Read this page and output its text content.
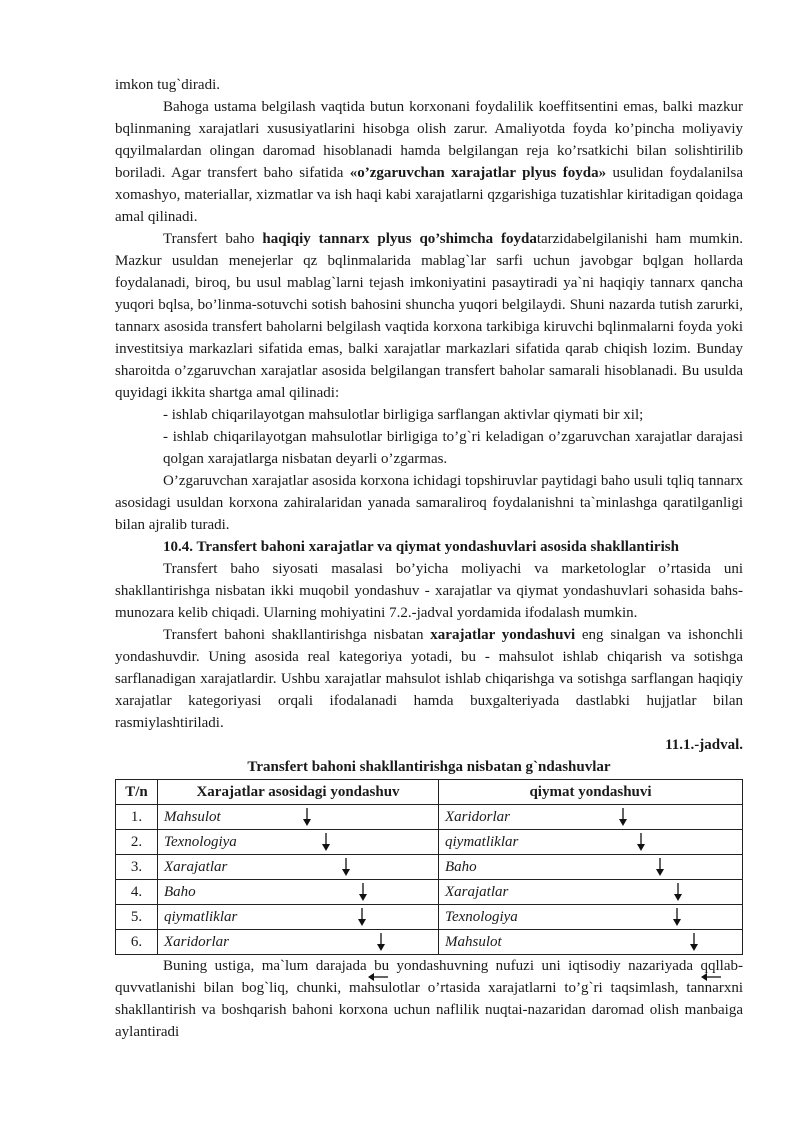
imkon tug`diradi.

Bahoga ustama belgilash vaqtida butun korxonani foydalilik koeffitsentini emas, balki mazkur bqlinmaning xarajatlari xususiyatlarini hisobga olish zarur. Amaliyotda foyda ko’pincha moliyaviy qqyilmalardan olingan daromad hisoblanadi hamda belgilangan reja ko’rsatkichi bilan solishtirilib boriladi. Agar transfert baho sifatida «o’zgaruvchan xarajatlar plyus foyda» usulidan foydalanilsa xomashyo, materiallar, xizmatlar va ish haqi kabi xarajatlarni qzgarishiga tuzatishlar kiritadigan qoidaga amal qilinadi.

Transfert baho haqiqiy tannarx plyus qo’shimcha foydatarzidabelgilanishi ham mumkin. Mazkur usuldan menejerlar qz bqlinmalarida mablag`lar sarfi uchun javobgar bqlgan hollarda foydalanadi, biroq, bu usul mablag`larni tejash imkoniyatini pasaytiradi ya`ni haqiqiy tannarx qancha yuqori bqlsa, bo’linma-sotuvchi sotish bahosini shuncha yuqori belgilaydi. Shuni nazarda tutish zarurki, tannarx asosida transfert baholarni belgilash vaqtida korxona tarkibiga kiruvchi bqlinmalarni foyda yoki investitsiya markazlari sifatida emas, balki xarajatlar markazlari sifatida qarab chiqish lozim. Bunday sharoitda o’zgaruvchan xarajatlar asosida belgilangan transfert baholar samarali hisoblanadi. Bu usulda quyidagi ikkita shartga amal qilinadi:

- ishlab chiqarilayotgan mahsulotlar birligiga sarflangan aktivlar qiymati bir xil;

- ishlab chiqarilayotgan mahsulotlar birligiga to’g`ri keladigan o’zgaruvchan xarajatlar darajasi qolgan xarajatlarga nisbatan deyarli o’zgarmas.

O’zgaruvchan xarajatlar asosida korxona ichidagi topshiruvlar paytidagi baho usuli tqliq tannarx asosidagi usuldan korxona zahiralaridan yanada samaraliroq foydalanishni ta`minlashga qaratilganligi bilan ajralib turadi.

10.4. Transfert bahoni xarajatlar va qiymat yondashuvlari asosida shakllantirish

Transfert baho siyosati masalasi bo’yicha moliyachi va marketologlar o’rtasida uni shakllantirishga nisbatan ikki muqobil yondashuv - xarajatlar va qiymat yondashuvlari sohasida bahs-munozara kelib chiqadi. Ularning mohiyatini 7.2.-jadval yordamida ifodalash mumkin.

Transfert bahoni shakllantirishga nisbatan xarajatlar yondashuvi eng sinalgan va ishonchli yondashuvdir. Uning asosida real kategoriya yotadi, bu - mahsulot ishlab chiqarish va sotishga sarflanadigan xarajatlardir. Ushbu xarajatlar mahsulot ishlab chiqarishga va sotishga sarflangan haqiqiy xarajatlar kategoriyasi orqali ifodalanadi hamda buxgalteriyada dastlabki hujjatlar bilan rasmiylashtiriladi.

11.1.-jadval.

Transfert bahoni shakllantirishga nisbatan g`ndashuvlar

T/n	Xarajatlar asosidagi yondashuv	qiymat yondashuvi
1.	Mahsulot	Xaridorlar

2.	Texnologiya	qiymatliklar

3.	Xarajatlar	Baho

4.	Baho	Xarajatlar

5.	qiymatliklar	Texnologiya

6.	Xaridorlar	Mahsulot

Buning ustiga, ma`lum darajada bu yondashuvning nufuzi uni iqtisodiy nazariyada qqllab-quvvatlanishi bilan bog`liq, chunki, mahsulotlar o’rtasida xarajatlarni to’g`ri taqsimlash, tannarxni shakllantirish va boshqarish bahoni korxona uchun naflilik nuqtai-nazaridan daromad olish manbaiga aylantiradi
